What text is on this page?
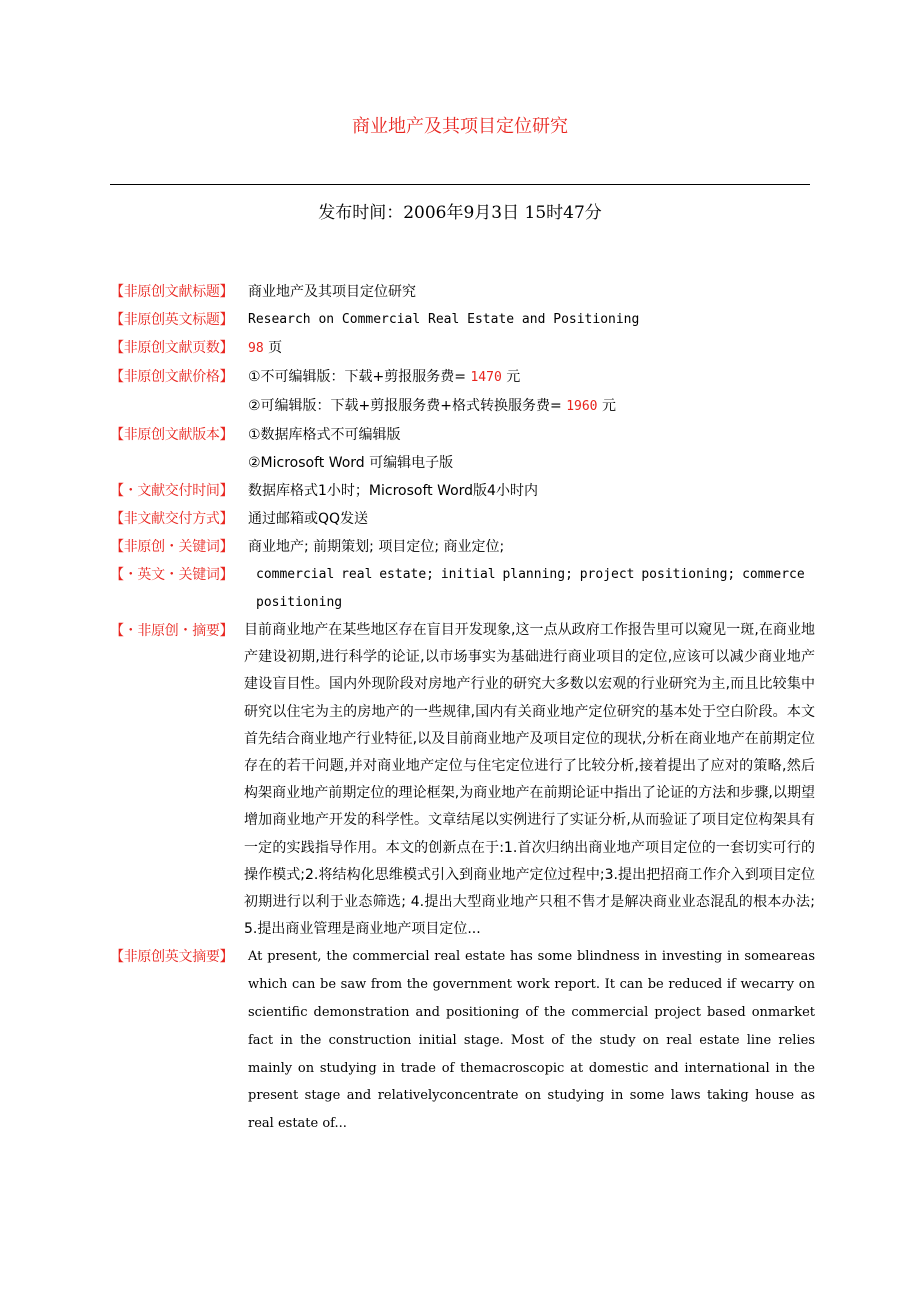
商业地产及其项目定位研究
发布时间：2006年9月3日 15时47分
【非原创文献标题】	商业地产及其项目定位研究
【非原创英文标题】	Research on Commercial Real Estate and Positioning
【非原创文献页数】	98 页
【非原创文献价格】	①不可编辑版：下载+剪报服务费= 1470 元
②可编辑版：下载+剪报服务费+格式转换服务费= 1960 元
【非原创文献版本】	①数据库格式不可编辑版
②Microsoft Word 可编辑电子版
【・文献交付时间】	数据库格式1小时；Microsoft Word版4小时内
【非文献交付方式】	通过邮箱或QQ发送
【非原创・关键词】	商业地产; 前期策划; 项目定位; 商业定位;
【・英文・关键词】	commercial real estate; initial planning; project positioning; commerce positioning
【・非原创・摘要】 目前商业地产在某些地区存在盲目开发现象,这一点从政府工作报告里可以窥见一斑,在商业地产建设初期,进行科学的论证,以市场事实为基础进行商业项目的定位,应该可以减少商业地产建设盲目性。国内外现阶段对房地产行业的研究大多数以宏观的行业研究为主,而且比较集中研究以住宅为主的房地产的一些规律,国内有关商业地产定位研究的基本处于空白阶段。本文首先结合商业地产行业特征,以及目前商业地产及项目定位的现状,分析在商业地产在前期定位存在的若干问题,并对商业地产定位与住宅定位进行了比较分析,接着提出了应对的策略,然后构架商业地产前期定位的理论框架,为商业地产在前期论证中指出了论证的方法和步骤,以期望增加商业地产开发的科学性。文章结尾以实例进行了实证分析,从而验证了项目定位构架具有一定的实践指导作用。本文的创新点在于:1.首次归纳出商业地产项目定位的一套切实可行的操作模式;2.将结构化思维模式引入到商业地产定位过程中;3.提出把招商工作介入到项目定位初期进行以利于业态筛选; 4.提出大型商业地产只租不售才是解决商业业态混乱的根本办法; 5.提出商业管理是商业地产项目定位...
【非原创英文摘要】	At present, the commercial real estate has some blindness in investing in someareas which can be saw from the government work report. It can be reduced if wecarry on scientific demonstration and positioning of the commercial project based onmarket fact in the construction initial stage. Most of the study on real estate line relies mainly on studying in trade of themacroscopic at domestic and international in the present stage and relativelyconcentrate on studying in some laws taking house as real estate of...
